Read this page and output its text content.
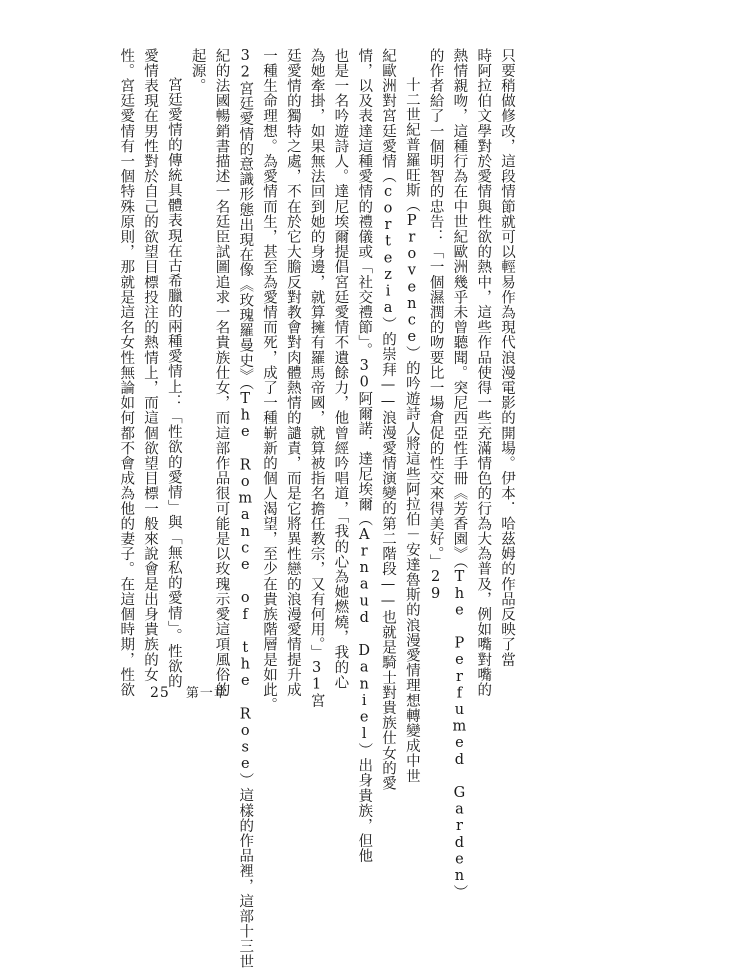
只要稍做修改，這段情節就可以輕易作為現代浪漫電影的開場。伊本．哈茲姆的作品反映了當

時阿拉伯文學對於愛情與性欲的熱中，這些作品使得一些充滿情色的行為大為普及，例如嘴對嘴的

熱情親吻，這種行為在中世紀歐洲幾乎未曾聽聞。突尼西亞性手冊《芳香園》（The Perfumed Garden）

的作者給了一個明智的忠告：「一個濕潤的吻要比一場倉促的性交來得美好。」29

十二世紀普羅旺斯（Provence）的吟遊詩人將這些阿拉伯－安達魯斯的浪漫愛情理想轉變成中世

紀歐洲對宮廷愛情（cortezia）的崇拜——浪漫愛情演變的第二階段——也就是騎士對貴族仕女的愛

情，以及表達這種愛情的禮儀或「社交禮節」。30阿爾諾．達尼埃爾（Arnaud Daniel）出身貴族，但他

也是一名吟遊詩人。達尼埃爾提倡宮廷愛情不遺餘力，他曾經吟唱道，「我的心為她燃燒，我的心

為她牽掛，如果無法回到她的身邊，就算擁有羅馬帝國，就算被指名擔任教宗，又有何用。」31宮

廷愛情的獨特之處，不在於它大膽反對教會對肉體熱情的譴責，而是它將異性戀的浪漫愛情提升成

一種生命理想。為愛情而生，甚至為愛情而死，成了一種嶄新的個人渴望，至少在貴族階層是如此。

32宮廷愛情的意識形態出現在像《玫瑰羅曼史》（The Romance of the Rose）這樣的作品裡，這部十三世

紀的法國暢銷書描述一名廷臣試圖追求一名貴族仕女，而這部作品很可能是以玫瑰示愛這項風俗的

起源。

宮廷愛情的傳統具體表現在古希臘的兩種愛情上：「性欲的愛情」與「無私的愛情」。性欲的

愛情表現在男性對於自己的欲望目標投注的熱情上，而這個欲望目標一般來說會是出身貴族的女

性。宮廷愛情有一個特殊原則，那就是這名女性無論如何都不會成為他的妻子。在這個時期，性欲 25 第一章
